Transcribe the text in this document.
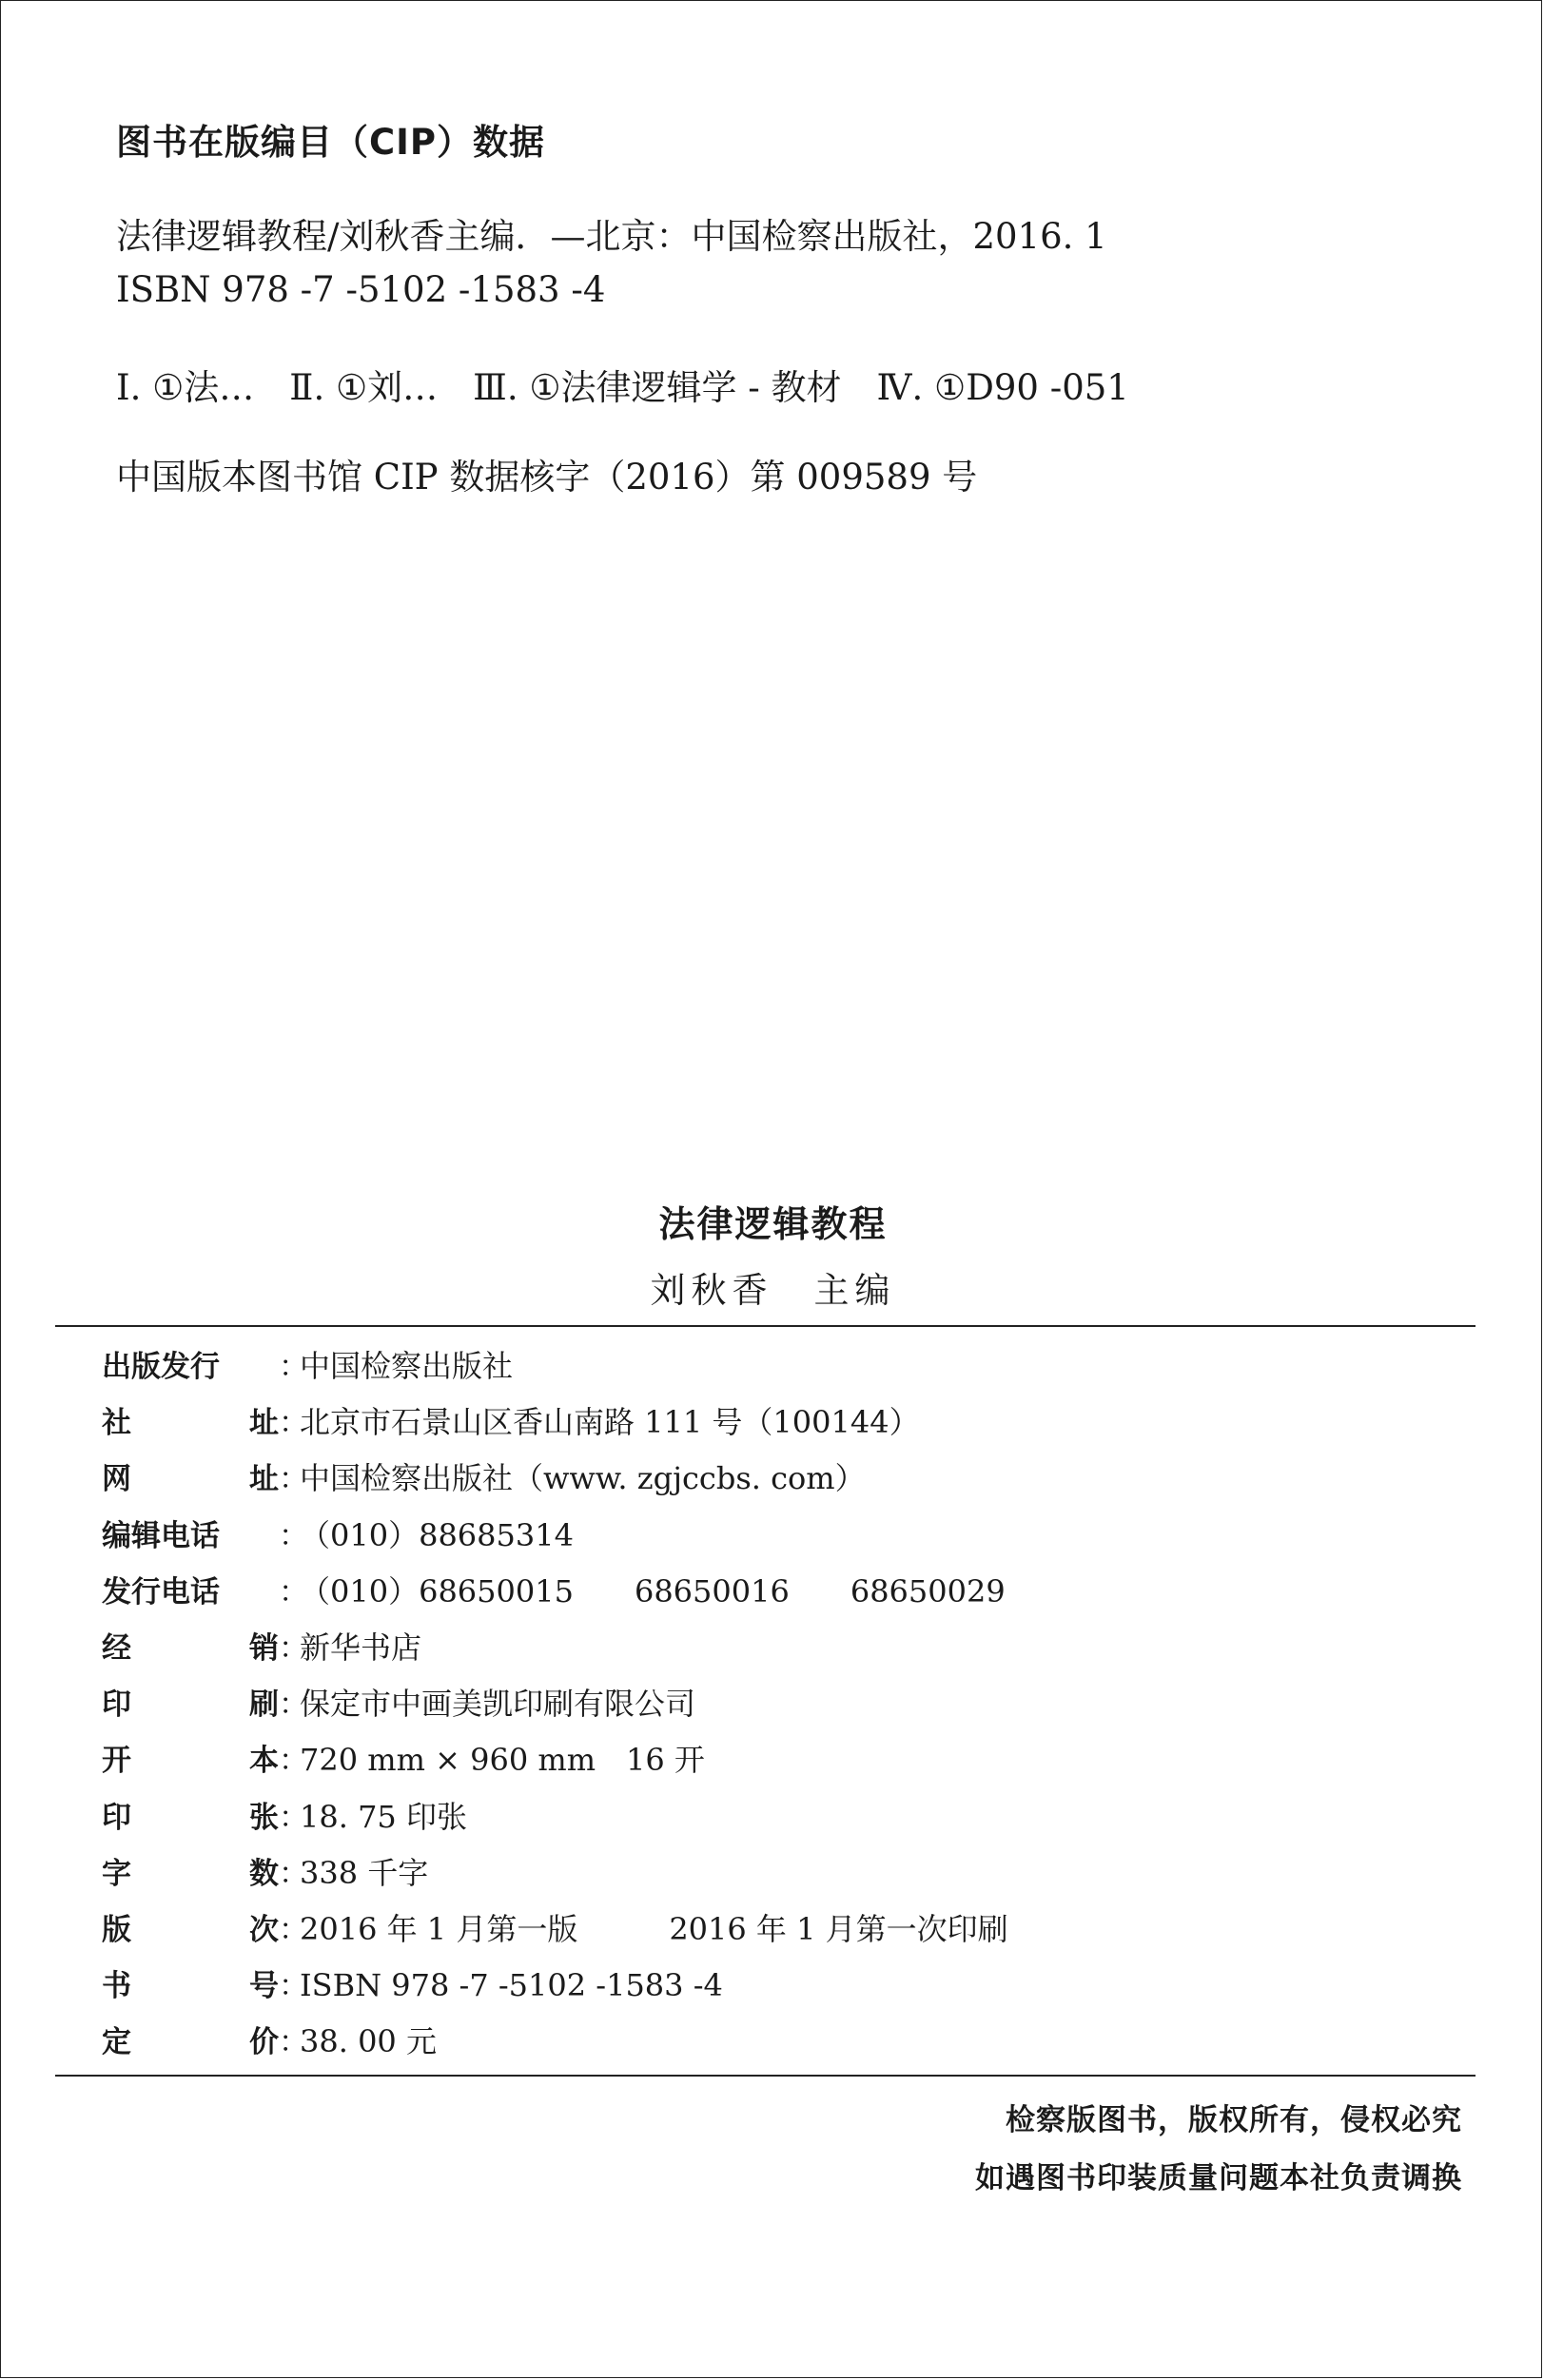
图书在版编目（CIP）数据
法律逻辑教程/刘秋香主编．—北京：中国检察出版社，2016. 1
ISBN 978 -7 -5102 -1583 -4
Ⅰ. ①法…　Ⅱ. ①刘…　Ⅲ. ①法律逻辑学 - 教材　Ⅳ. ①D90 -051
中国版本图书馆 CIP 数据核字（2016）第 009589 号
法律逻辑教程
刘秋香　主编
出版发行 ：
中国检察出版社
社	址 ：
北京市石景山区香山南路 111 号（100144）
网	址 ：
中国检察出版社（www. zgjccbs. com）
编辑电话 ：
（010）88685314
发行电话 ：
（010）68650015　　68650016　　68650029
经	销 ：
新华书店
印	刷 ：
保定市中画美凯印刷有限公司
开	本 ：
720 mm × 960 mm　16 开
印	张 ：
18. 75 印张
字	数 ：
338 千字
版	次 ：
2016 年 1 月第一版　　　2016 年 1 月第一次印刷
书	号 ：
ISBN 978 -7 -5102 -1583 -4
定	价 ：
38. 00 元
检察版图书，版权所有，侵权必究
如遇图书印装质量问题本社负责调换
